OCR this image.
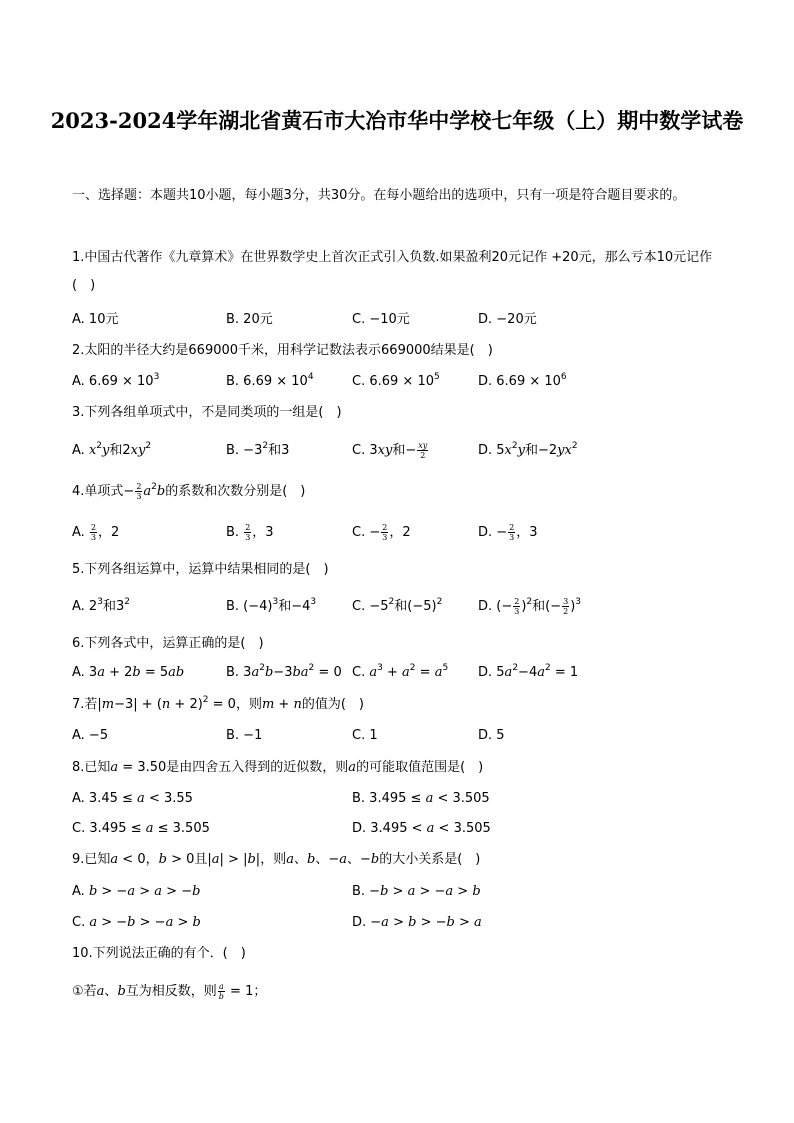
2023-2024学年湖北省黄石市大冶市华中学校七年级（上）期中数学试卷
一、选择题：本题共10小题，每小题3分，共30分。在每小题给出的选项中，只有一项是符合题目要求的。
1.中国古代著作《九章算术》在世界数学史上首次正式引入负数.如果盈利20元记作 +20元，那么亏本10元记作(　)
A. 10元	B. 20元	C. −10元	D. −20元
2.太阳的半径大约是669000千米，用科学记数法表示669000结果是(　)
A. $6.69 \times 10^3$	B. $6.69 \times 10^4$	C. $6.69 \times 10^5$	D. $6.69 \times 10^6$
3.下列各组单项式中，不是同类项的一组是(　)
A. $x^2y$和$2xy^2$	B. $-3^2$和3	C. 3xy和− $\frac{xy}{2}$	D. $5x^2y$和$-2yx^2$
4.单项式− $\frac{2}{3} a^2b$的系数和次数分别是(　)
A. $\frac{2}{3}$ ，2	B. $\frac{2}{3}$ ，3	C. − $\frac{2}{3}$ ，2	D. − $\frac{2}{3}$ ，3
5.下列各组运算中，运算中结果相同的是(　)
A. $2^3$和$3^2$	B. $(-4)^3$和$-4^3$	C. $-5^2$和$(-5)^2$	D. (− $\frac{2}{3} )^2$和(− $\frac{3}{2} )^3$
6.下列各式中，运算正确的是(　)
A. 3a + 2b = 5ab	B. $3a^2b-3ba^2 = 0$ C. $a^3 + a^2 = a^5$ D. $5a^2-4a^2 = 1$
7.若$|m-3| + (n + 2)^2 = 0$，则m + n的值为(　)
A. −5	B. −1	C. 1	D. 5
8.已知a = 3.50是由四舍五入得到的近似数，则a的可能取值范围是(　)
A. 3.45 ≤ a < 3.55	B. 3.495 ≤ a < 3.505
C. 3.495 ≤ a ≤ 3.505	D. 3.495 < a < 3.505
9.已知a < 0，b > 0且|a| > |b|，则a、b、−a、−b的大小关系是(　)
A. b > −a > a > −b	B. −b > a > −a > b
C. a > −b > −a > b	D. −a > b > −b > a
10.下列说法正确的有个．(　)
①若a、b互为相反数，则 $\frac{a}{b} = 1$；
